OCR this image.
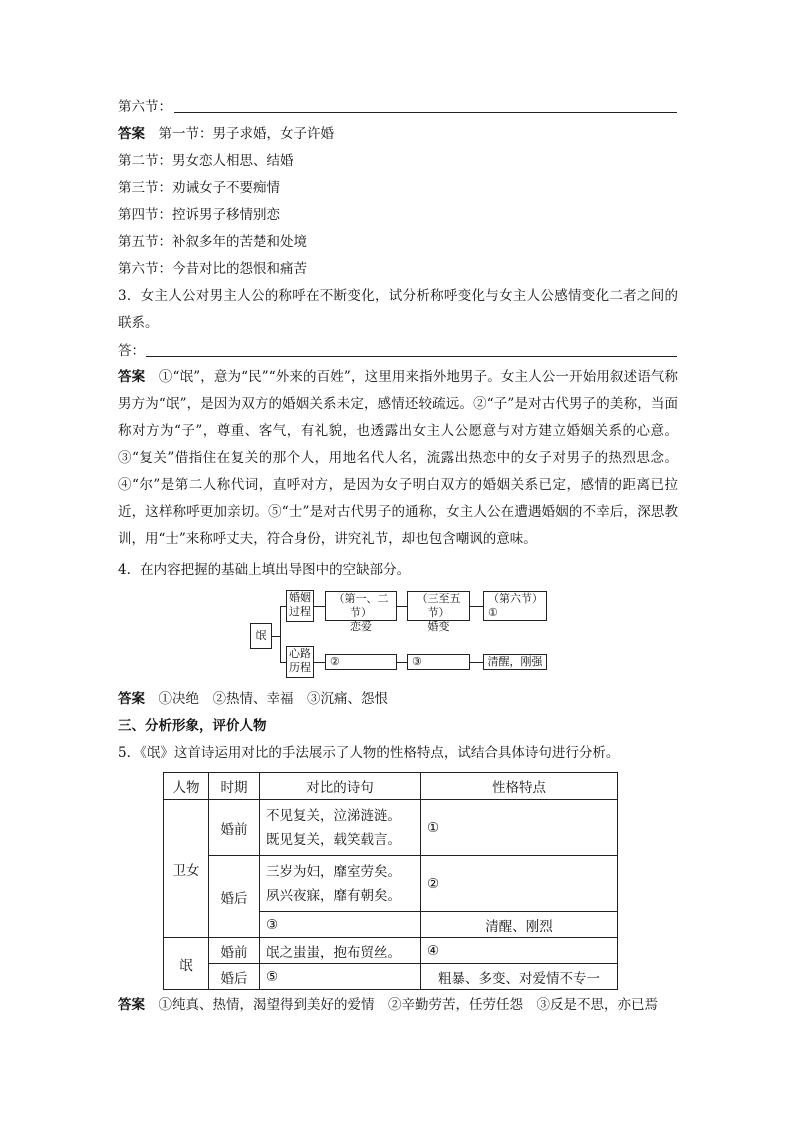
第六节：
答案　 第一节：男子求婚，女子许婚
第二节：男女恋人相思、结婚
第三节：劝诫女子不要痴情
第四节：控诉男子移情别恋
第五节：补叙多年的苦楚和处境
第六节：今昔对比的怨恨和痛苦
3．女主人公对男主人公的称呼在不断变化，试分析称呼变化与女主人公感情变化二者之间的联系。
答：
答案　 ①“氓”，意为“民”“外来的百姓”，这里用来指外地男子。女主人公一开始用叙述语气称男方为“氓”，是因为双方的婚姻关系未定，感情还较疏远。②“子”是对古代男子的美称，当面称对方为“子”，尊重、客气，有礼貌，也透露出女主人公愿意与对方建立婚姻关系的心意。③“复关”借指住在复关的那个人，用地名代人名，流露出热恋中的女子对男子的热烈思念。④“尔”是第二人称代词，直呼对方，是因为女子明白双方的婚姻关系已定，感情的距离已拉近，这样称呼更加亲切。⑤“士”是对古代男子的通称，女主人公在遭遇婚姻的不幸后，深思教训，用“士”来称呼丈夫，符合身份，讲究礼节，却也包含嘲讽的意味。
4．在内容把握的基础上填出导图中的空缺部分。
氓
婚姻
过程
（第一、二节）
恋爱
（三至五节）
婚变
（第六节）
①
心路
历程	②	③	清醒，刚强
答案　 ①决绝　②热情、幸福　③沉痛、怨恨
三、分析形象，评价人物
5．《氓》这首诗运用对比的手法展示了人物的性格特点，试结合具体诗句进行分析。
人物	时期	对比的诗句	性格特点
卫女	婚前	不见复关，泣涕涟涟。
既见复关，载笑载言。	①
	婚后	三岁为妇，靡室劳矣。
夙兴夜寐，靡有朝矣。	②
		③	清醒、刚烈
氓	婚前	氓之蚩蚩，抱布贸丝。	④
	婚后	⑤	粗暴、多变、对爱情不专一
答案　 ①纯真、热情，渴望得到美好的爱情　②辛勤劳苦，任劳任怨　③反是不思，亦已焉
